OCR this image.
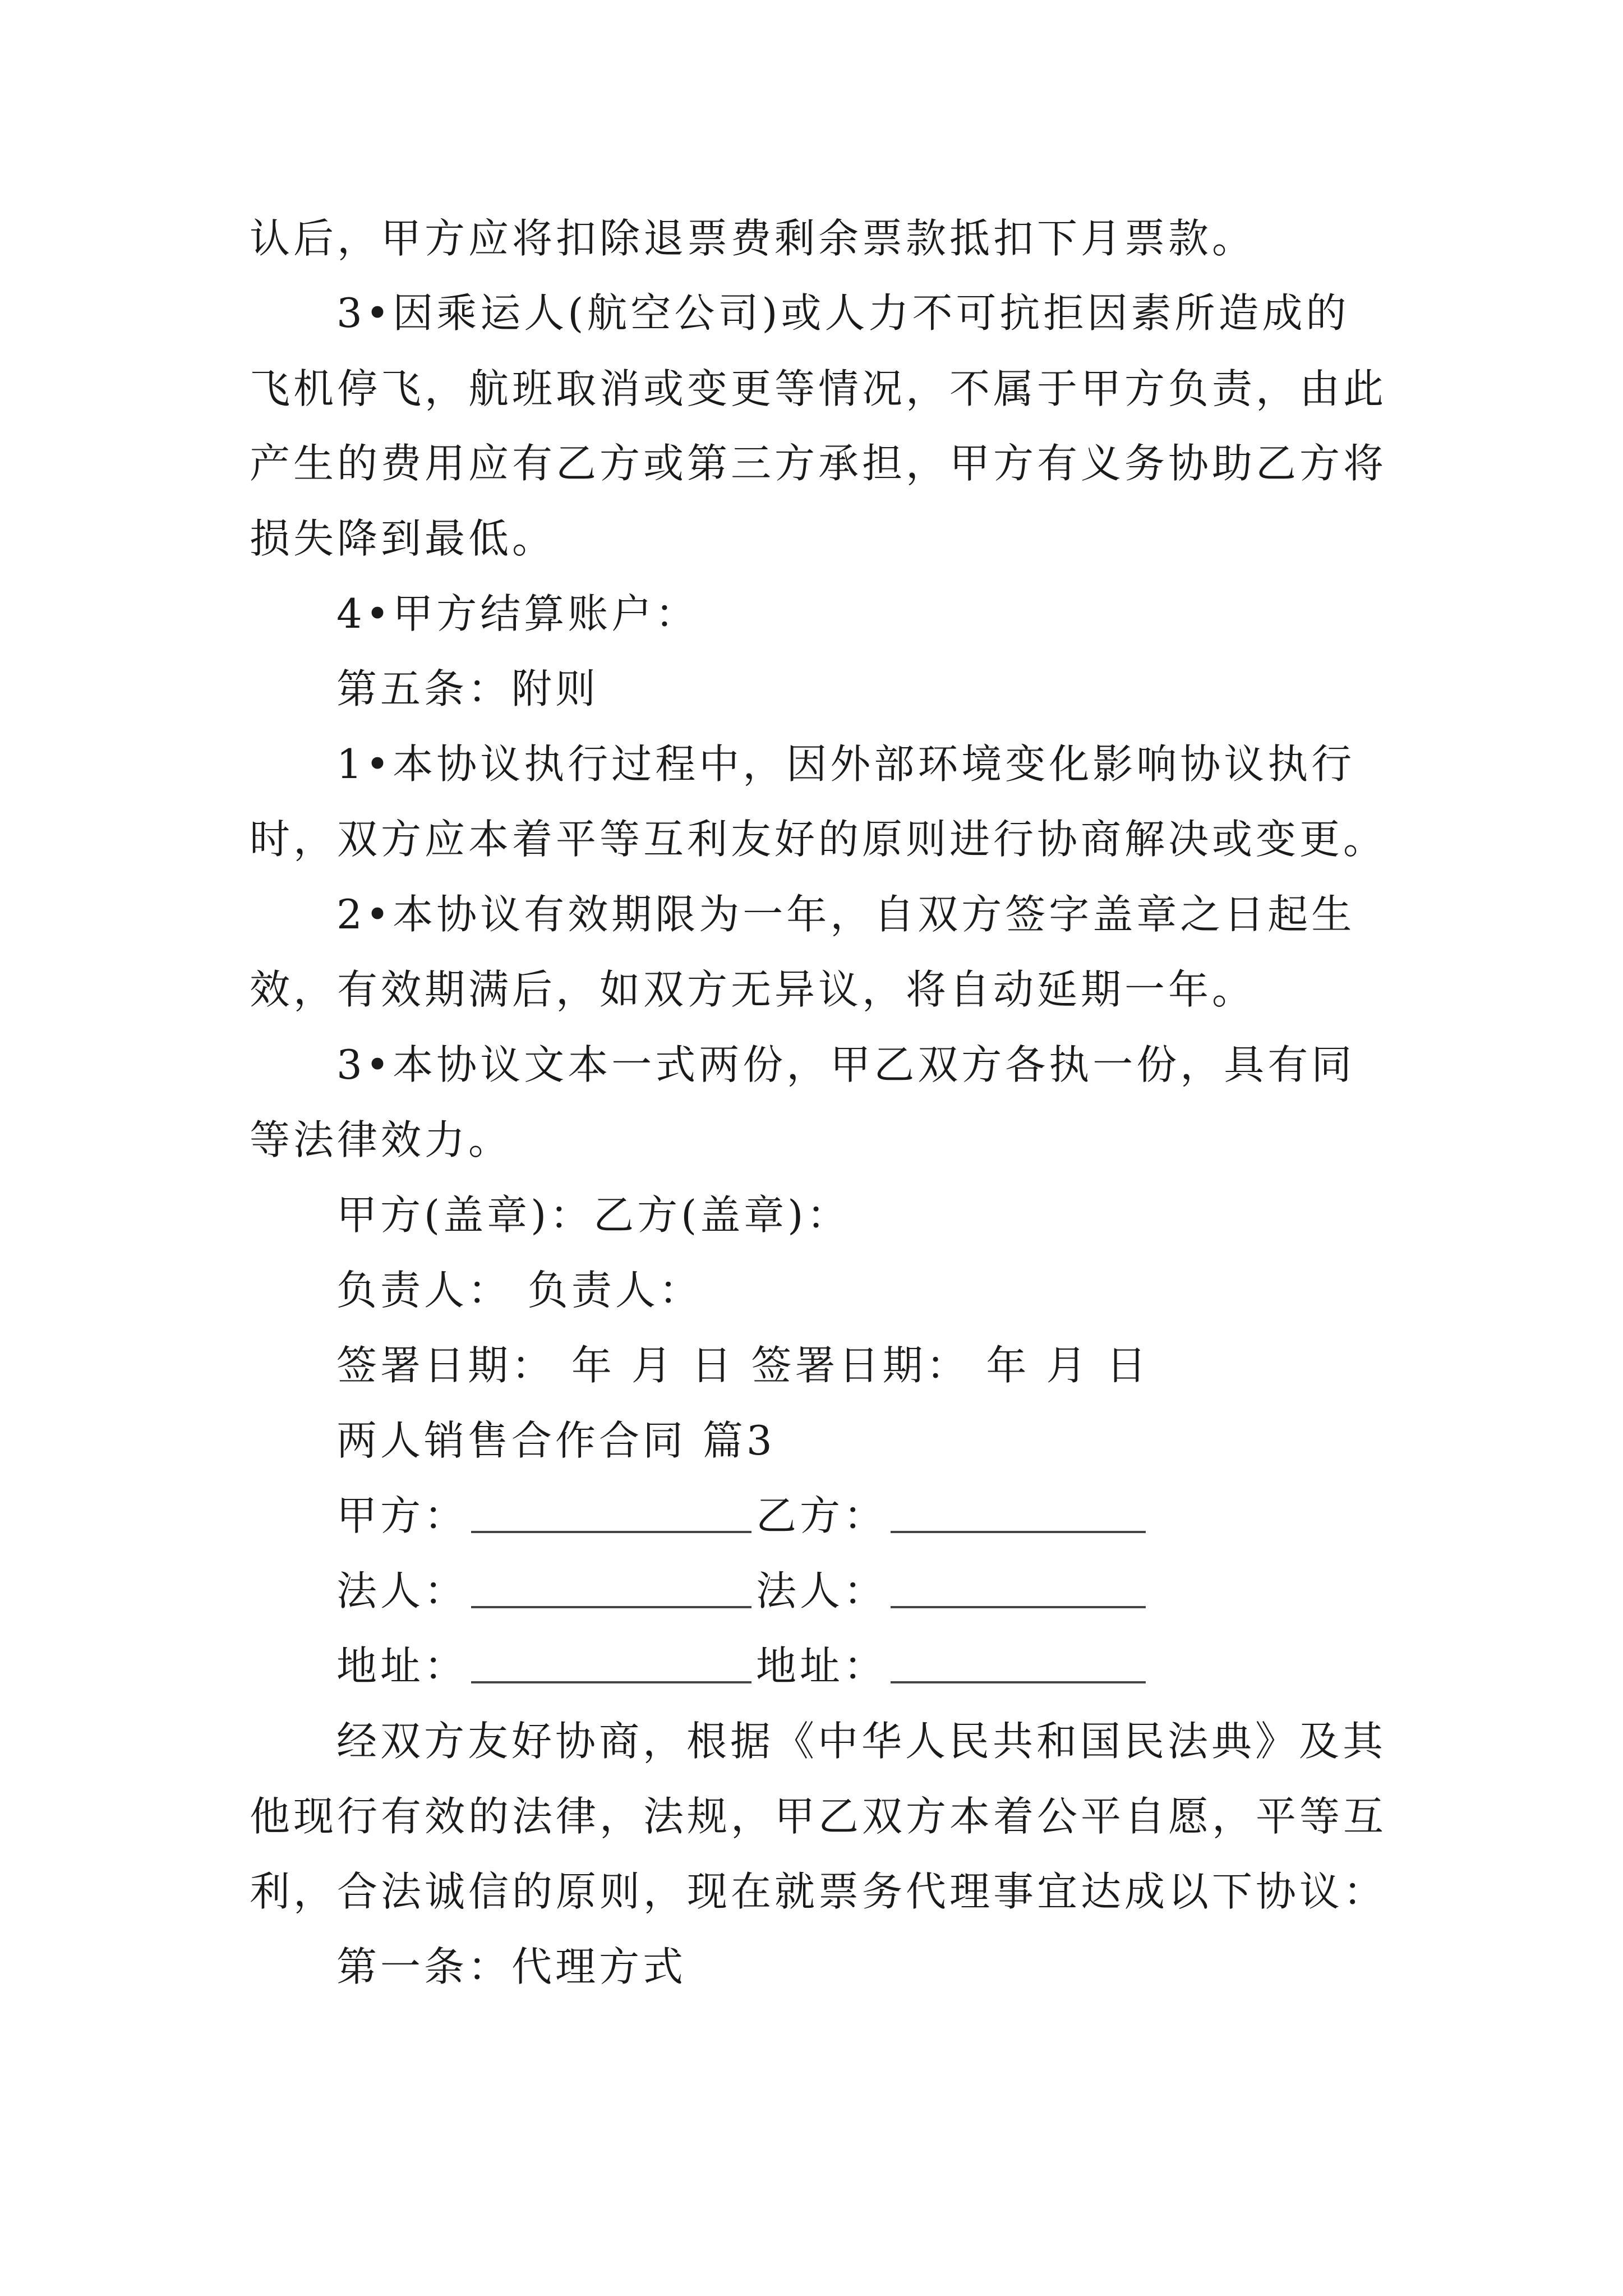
认后，甲方应将扣除退票费剩余票款抵扣下月票款。
3•因乘运人(航空公司)或人力不可抗拒因素所造成的
飞机停飞，航班取消或变更等情况，不属于甲方负责，由此
产生的费用应有乙方或第三方承担，甲方有义务协助乙方将
损失降到最低。
4•甲方结算账户：
第五条：附则
1•本协议执行过程中，因外部环境变化影响协议执行
时，双方应本着平等互利友好的原则进行协商解决或变更。
2•本协议有效期限为一年，自双方签字盖章之日起生
效，有效期满后，如双方无异议，将自动延期一年。
3•本协议文本一式两份，甲乙双方各执一份，具有同
等法律效力。
甲方(盖章)：乙方(盖章)：
负责人： 负责人：
签署日期： 年 月 日 签署日期： 年 月 日
两人销售合作合同 篇3
甲方：	乙方：
法人：	法人：
地址：	地址：
经双方友好协商，根据《中华人民共和国民法典》及其
他现行有效的法律，法规，甲乙双方本着公平自愿，平等互
利，合法诚信的原则，现在就票务代理事宜达成以下协议：
第一条：代理方式
